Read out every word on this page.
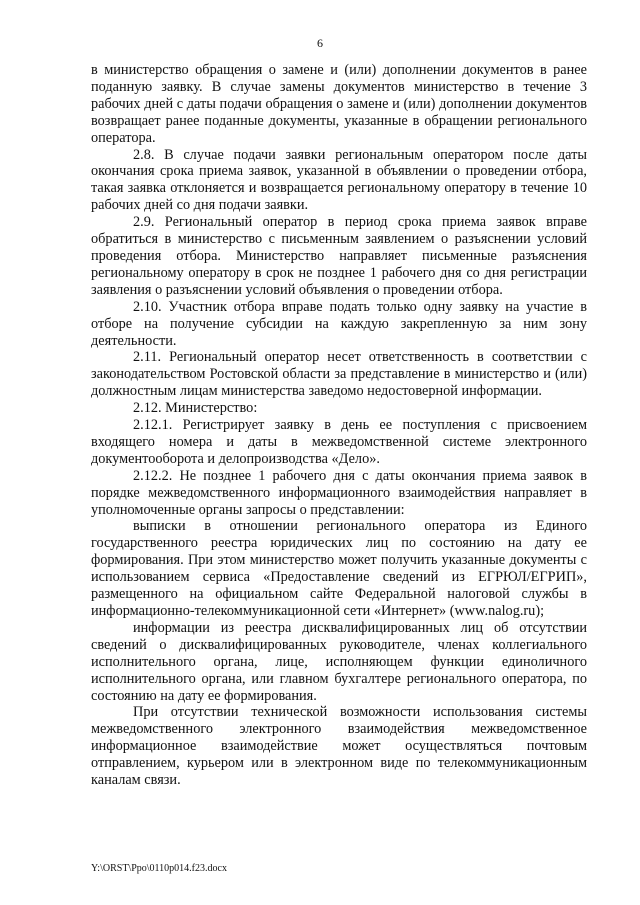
6

в министерство обращения о замене и (или) дополнении документов в ранее поданную заявку. В случае замены документов министерство в течение 3 рабочих дней с даты подачи обращения о замене и (или) дополнении документов возвращает ранее поданные документы, указанные в обращении регионального оператора.

2.8. В случае подачи заявки региональным оператором после даты окончания срока приема заявок, указанной в объявлении о проведении отбора, такая заявка отклоняется и возвращается региональному оператору в течение 10 рабочих дней со дня подачи заявки.

2.9. Региональный оператор в период срока приема заявок вправе обратиться в министерство с письменным заявлением о разъяснении условий проведения отбора. Министерство направляет письменные разъяснения региональному оператору в срок не позднее 1 рабочего дня со дня регистрации заявления о разъяснении условий объявления о проведении отбора.

2.10. Участник отбора вправе подать только одну заявку на участие в отборе на получение субсидии на каждую закрепленную за ним зону деятельности.

2.11. Региональный оператор несет ответственность в соответствии с законодательством Ростовской области за представление в министерство и (или) должностным лицам министерства заведомо недостоверной информации.

2.12. Министерство:

2.12.1. Регистрирует заявку в день ее поступления с присвоением входящего номера и даты в межведомственной системе электронного документооборота и делопроизводства «Дело».

2.12.2. Не позднее 1 рабочего дня с даты окончания приема заявок в порядке межведомственного информационного взаимодействия направляет в уполномоченные органы запросы о представлении:

выписки в отношении регионального оператора из Единого государственного реестра юридических лиц по состоянию на дату ее формирования. При этом министерство может получить указанные документы с использованием сервиса «Предоставление сведений из ЕГРЮЛ/ЕГРИП», размещенного на официальном сайте Федеральной налоговой службы в информационно-телекоммуникационной сети «Интернет» (www.nalog.ru);

информации из реестра дисквалифицированных лиц об отсутствии сведений о дисквалифицированных руководителе, членах коллегиального исполнительного органа, лице, исполняющем функции единоличного исполнительного органа, или главном бухгалтере регионального оператора, по состоянию на дату ее формирования.

При отсутствии технической возможности использования системы межведомственного электронного взаимодействия межведомственное информационное взаимодействие может осуществляться почтовым отправлением, курьером или в электронном виде по телекоммуникационным каналам связи.

Y:\ORST\Ppo\0110p014.f23.docx
